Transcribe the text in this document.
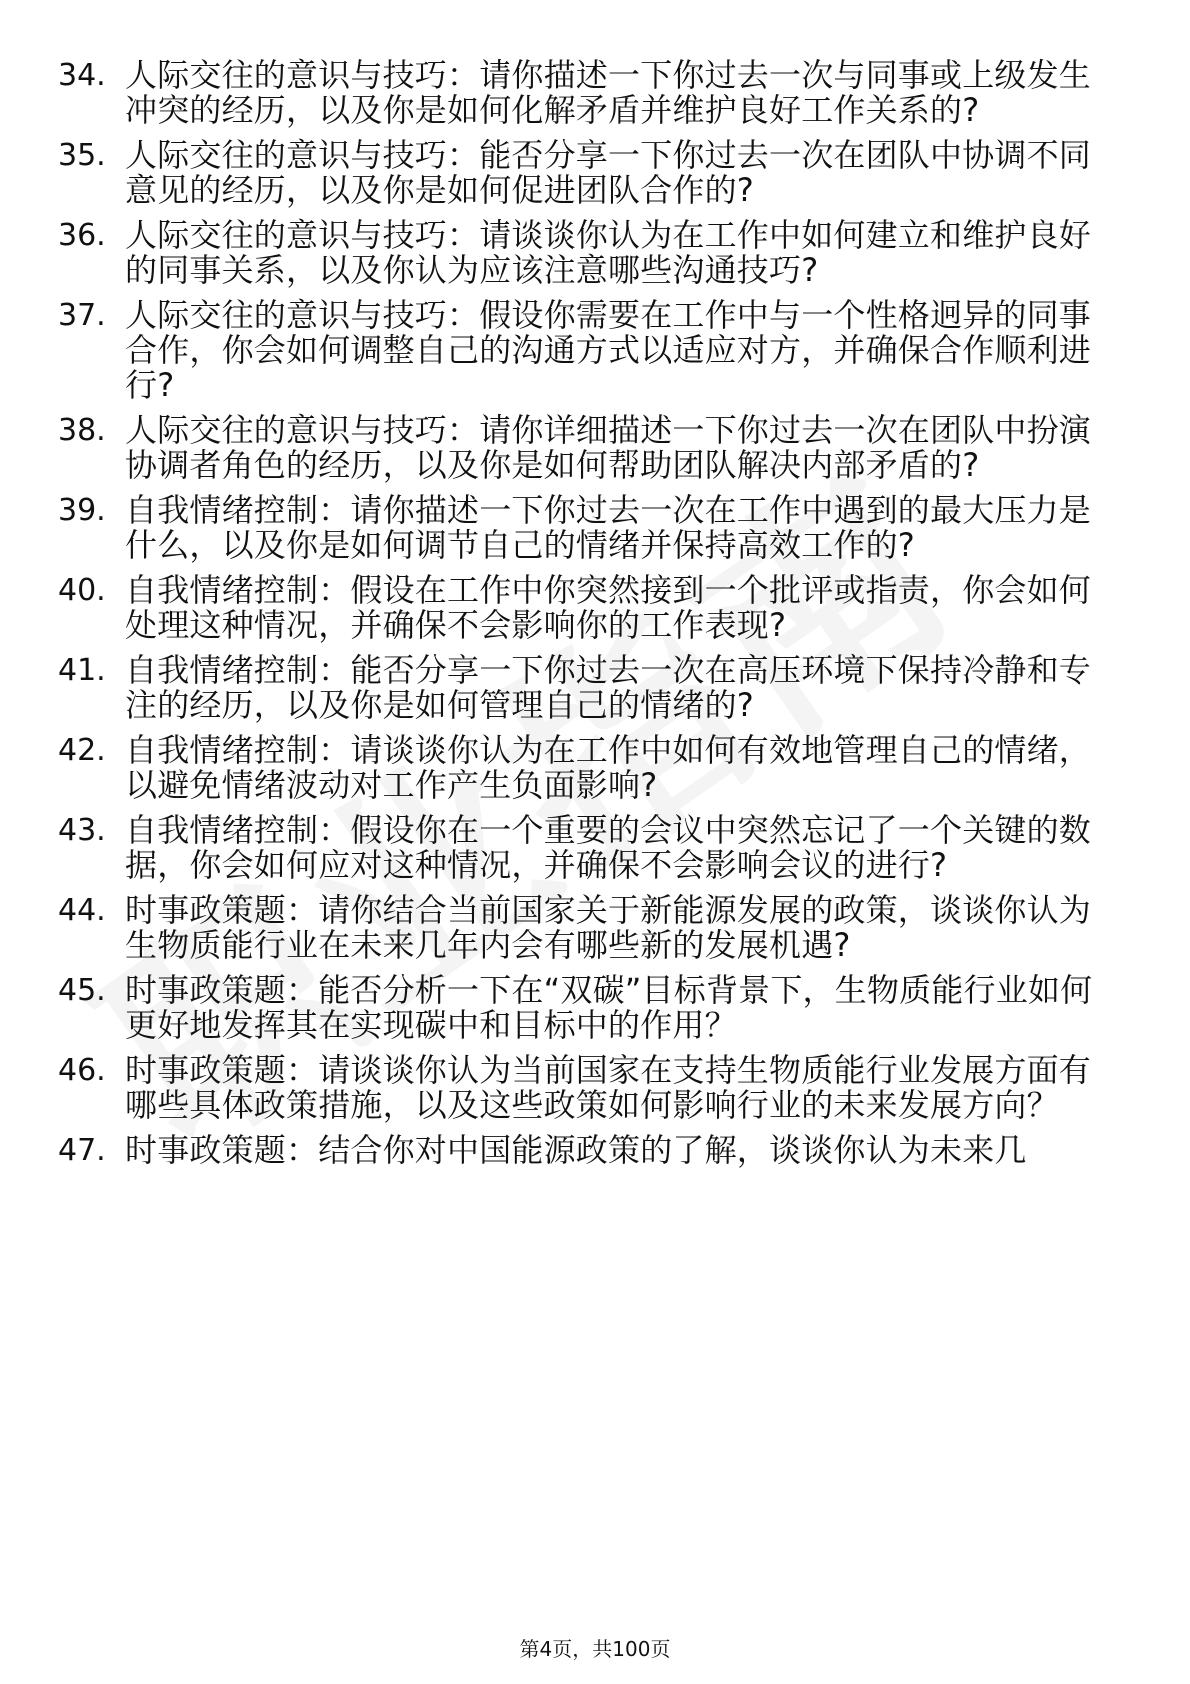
34. 人际交往的意识与技巧：请你描述一下你过去一次与同事或上级发生冲突的经历，以及你是如何化解矛盾并维护良好工作关系的?
35. 人际交往的意识与技巧：能否分享一下你过去一次在团队中协调不同意见的经历，以及你是如何促进团队合作的?
36. 人际交往的意识与技巧：请谈谈你认为在工作中如何建立和维护良好的同事关系，以及你认为应该注意哪些沟通技巧?
37. 人际交往的意识与技巧：假设你需要在工作中与一个性格迥异的同事合作，你会如何调整自己的沟通方式以适应对方，并确保合作顺利进行?
38. 人际交往的意识与技巧：请你详细描述一下你过去一次在团队中扮演协调者角色的经历，以及你是如何帮助团队解决内部矛盾的?
39. 自我情绪控制：请你描述一下你过去一次在工作中遇到的最大压力是什么，以及你是如何调节自己的情绪并保持高效工作的?
40. 自我情绪控制：假设在工作中你突然接到一个批评或指责，你会如何处理这种情况，并确保不会影响你的工作表现?
41. 自我情绪控制：能否分享一下你过去一次在高压环境下保持冷静和专注的经历，以及你是如何管理自己的情绪的?
42. 自我情绪控制：请谈谈你认为在工作中如何有效地管理自己的情绪，以避免情绪波动对工作产生负面影响?
43. 自我情绪控制：假设你在一个重要的会议中突然忘记了一个关键的数据，你会如何应对这种情况，并确保不会影响会议的进行?
44. 时事政策题：请你结合当前国家关于新能源发展的政策，谈谈你认为生物质能行业在未来几年内会有哪些新的发展机遇?
45. 时事政策题：能否分析一下在“双碳”目标背景下，生物质能行业如何更好地发挥其在实现碳中和目标中的作用？
46. 时事政策题：请谈谈你认为当前国家在支持生物质能行业发展方面有哪些具体政策措施，以及这些政策如何影响行业的未来发展方向？
47. 时事政策题：结合你对中国能源政策的了解，谈谈你认为未来几
第4页，共100页
